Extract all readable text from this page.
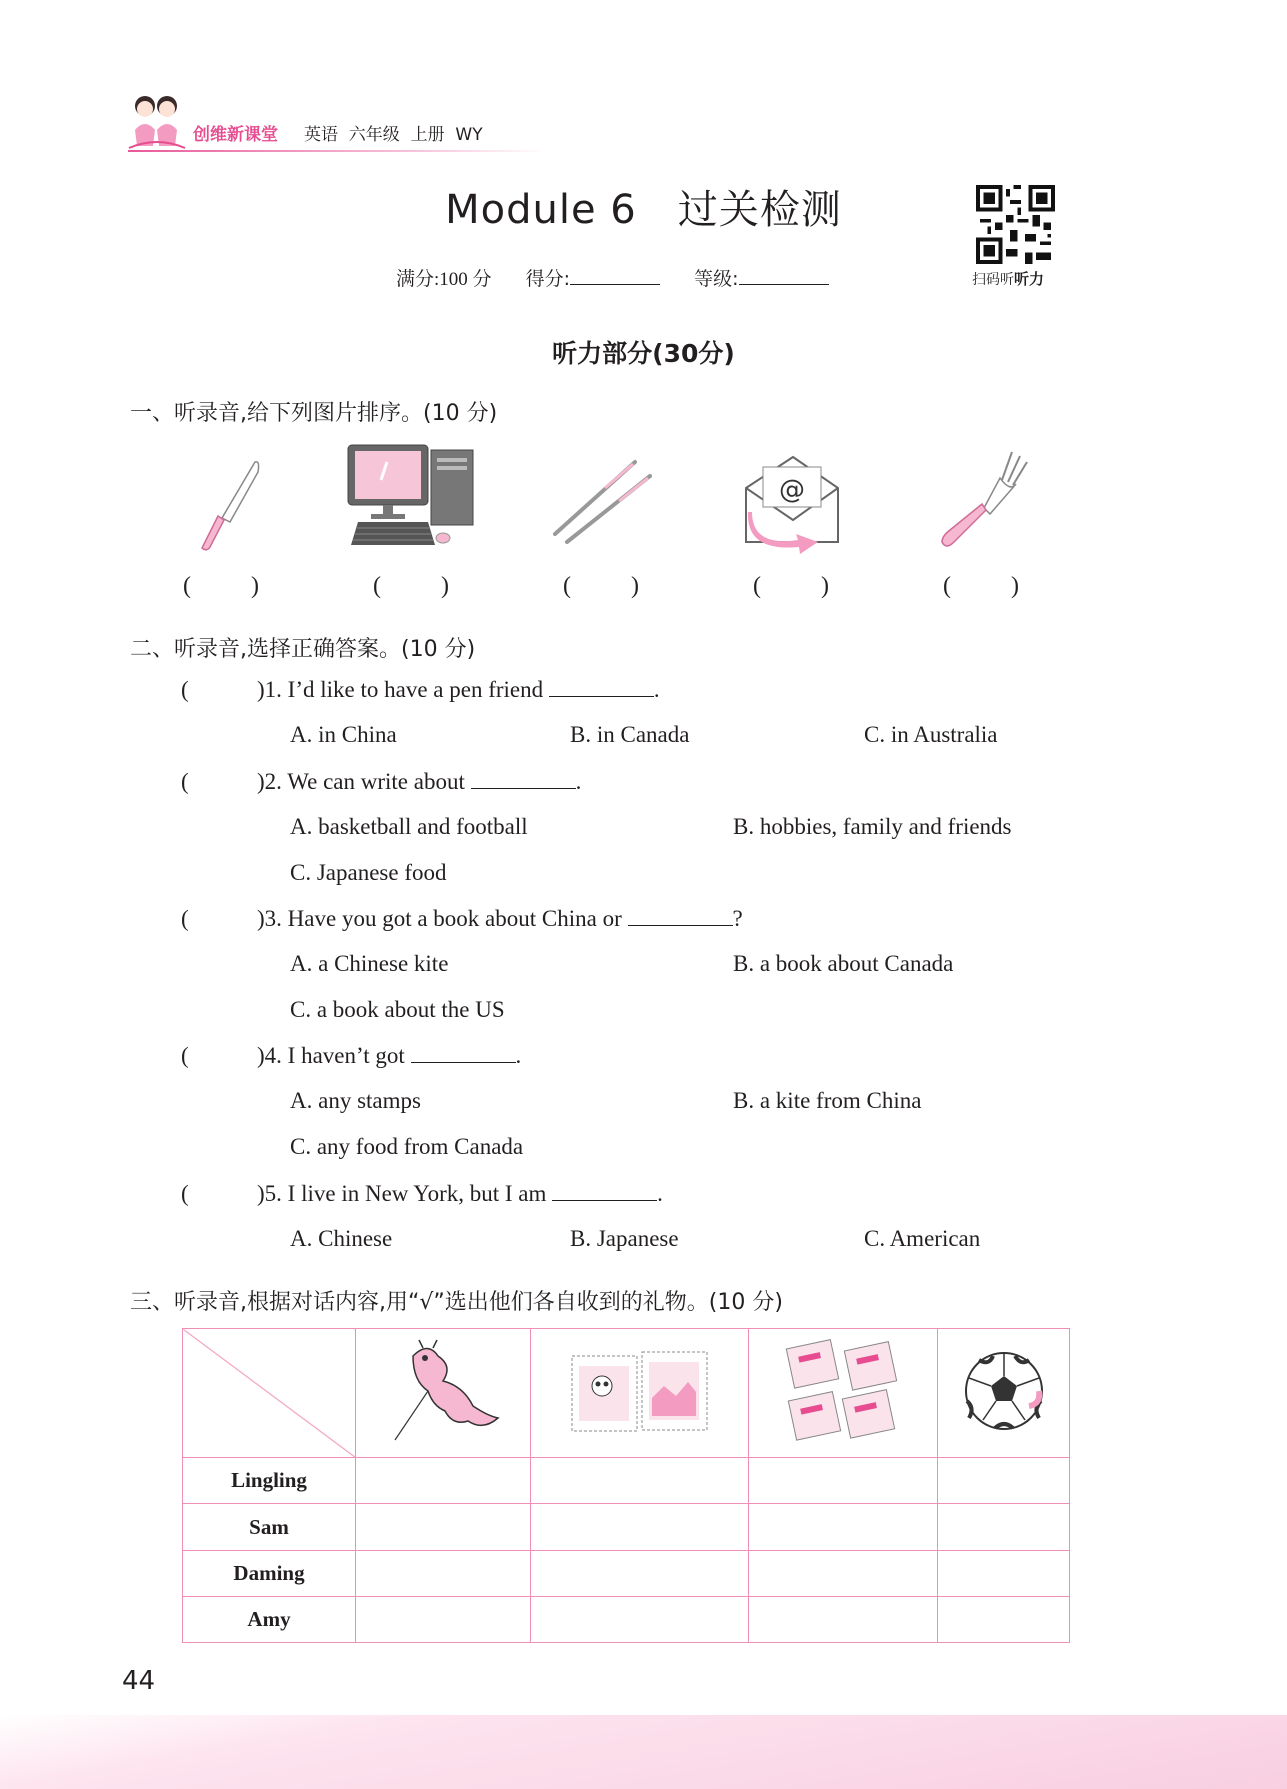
创维新课堂 英语  六年级  上册  WY
Module 6   过关检测
满分:100 分 得分:	等级:	扫码听听力
听力部分(30分)
一、听录音,给下列图片排序。(10 分)
@
(          )	(          )	(          )	(          )	(          )
二、听录音,选择正确答案。(10 分)
(	)1. I’d like to have a pen friend	.
A. in China	B. in Canada	C. in Australia
(	)2. We can write about	.
A. basketball and football	B. hobbies, family and friends
C. Japanese food
(	)3. Have you got a book about China or	?
A. a Chinese kite	B. a book about Canada
C. a book about the US
(	)4. I haven’t got	.
A. any stamps	B. a kite from China
C. any food from Canada
(	)5. I live in New York, but I am	.
A. Chinese	B. Japanese	C. American
三、听录音,根据对话内容,用“√”选出他们各自收到的礼物。(10 分)

Lingling				
Sam				
Daming				
Amy				
44
